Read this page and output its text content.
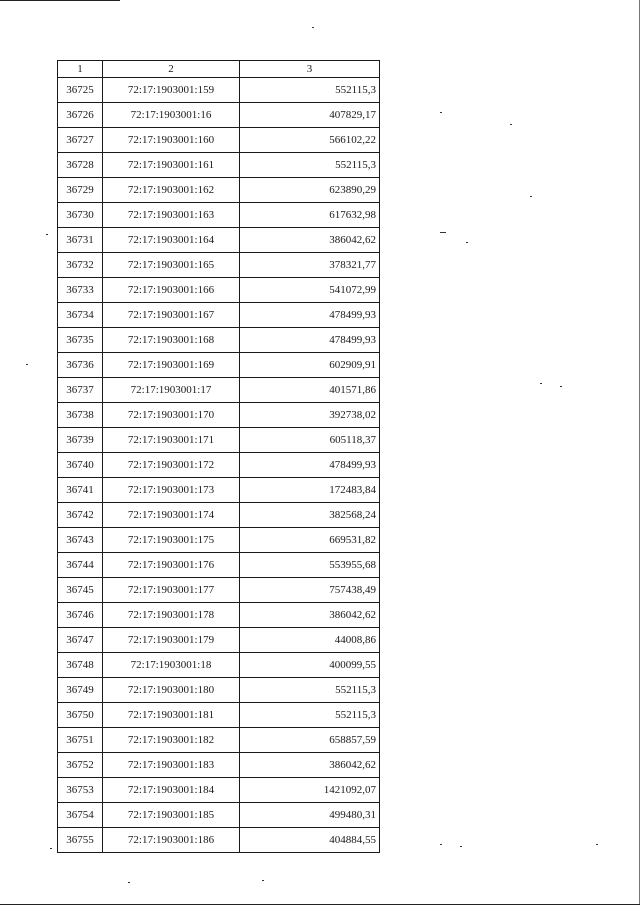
1	2	3
36725	72:17:1903001:159	552115,3
36726	72:17:1903001:16	407829,17
36727	72:17:1903001:160	566102,22
36728	72:17:1903001:161	552115,3
36729	72:17:1903001:162	623890,29
36730	72:17:1903001:163	617632,98
36731	72:17:1903001:164	386042,62
36732	72:17:1903001:165	378321,77
36733	72:17:1903001:166	541072,99
36734	72:17:1903001:167	478499,93
36735	72:17:1903001:168	478499,93
36736	72:17:1903001:169	602909,91
36737	72:17:1903001:17	401571,86
36738	72:17:1903001:170	392738,02
36739	72:17:1903001:171	605118,37
36740	72:17:1903001:172	478499,93
36741	72:17:1903001:173	172483,84
36742	72:17:1903001:174	382568,24
36743	72:17:1903001:175	669531,82
36744	72:17:1903001:176	553955,68
36745	72:17:1903001:177	757438,49
36746	72:17:1903001:178	386042,62
36747	72:17:1903001:179	44008,86
36748	72:17:1903001:18	400099,55
36749	72:17:1903001:180	552115,3
36750	72:17:1903001:181	552115,3
36751	72:17:1903001:182	658857,59
36752	72:17:1903001:183	386042,62
36753	72:17:1903001:184	1421092,07
36754	72:17:1903001:185	499480,31
36755	72:17:1903001:186	404884,55
